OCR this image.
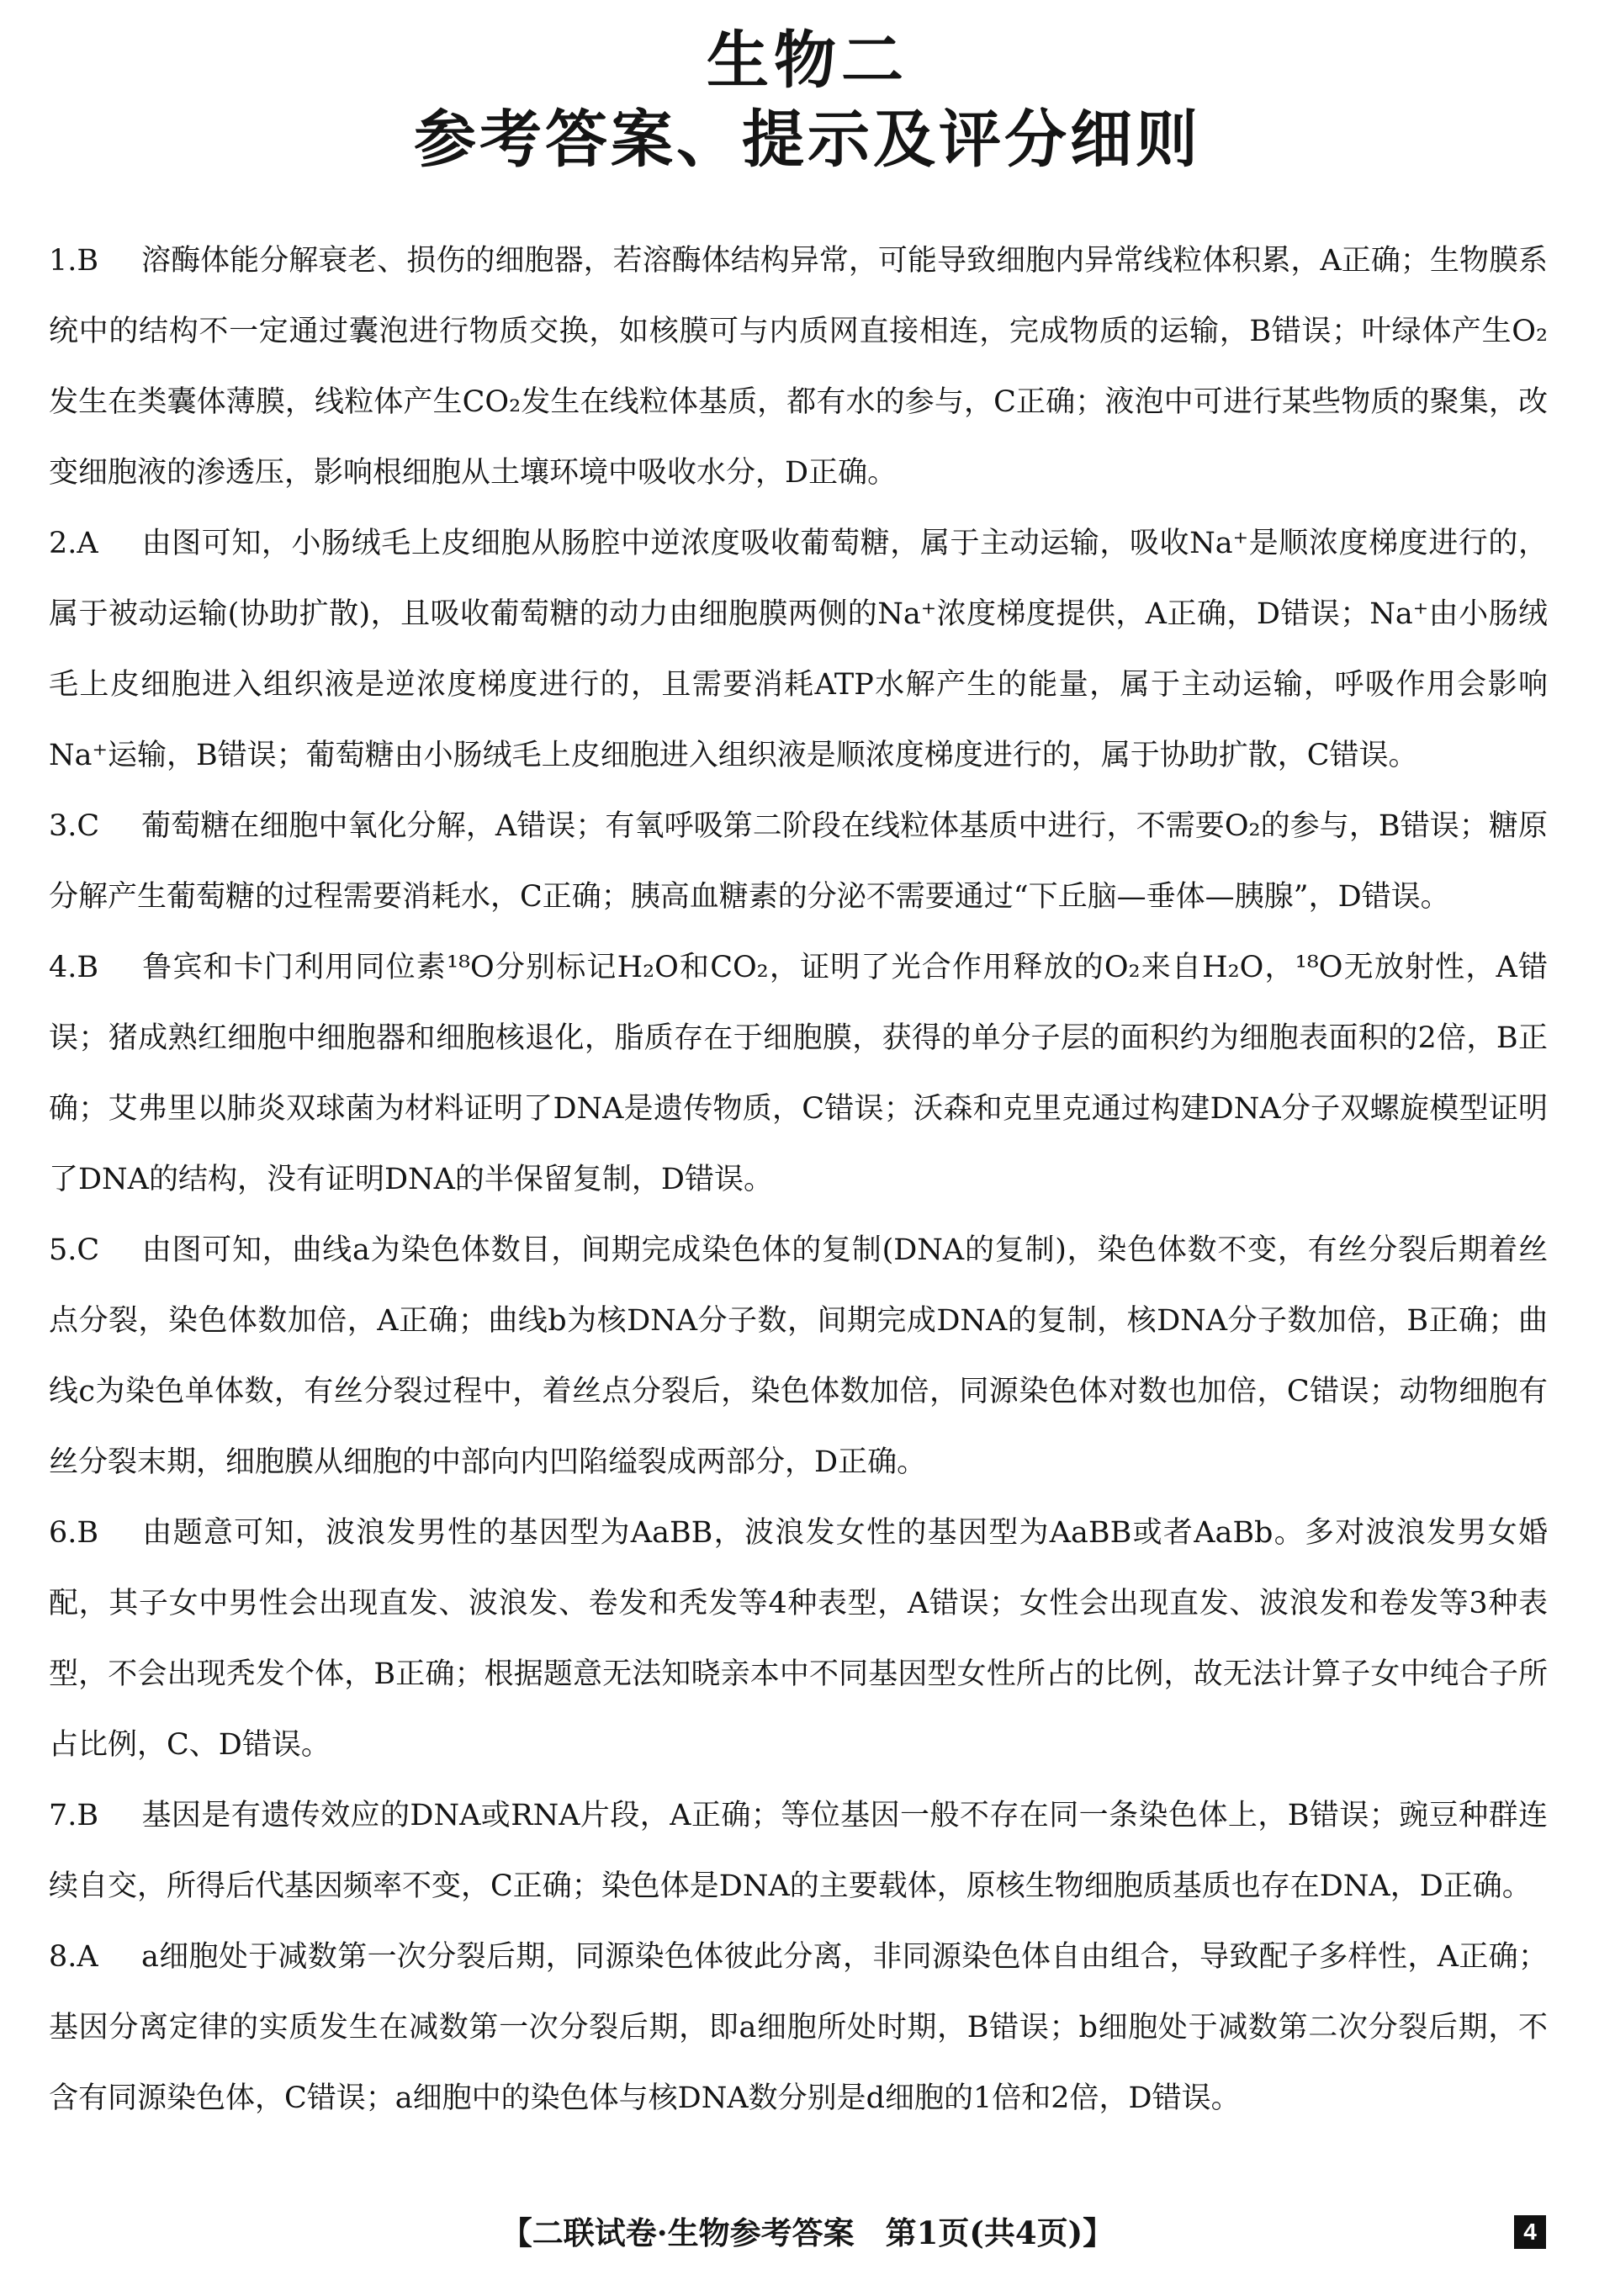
生物二
参考答案、提示及评分细则

1.B 溶酶体能分解衰老、损伤的细胞器，若溶酶体结构异常，可能导致细胞内异常线粒体积累，A正确；生物膜系统中的结构不一定通过囊泡进行物质交换，如核膜可与内质网直接相连，完成物质的运输，B错误；叶绿体产生O₂发生在类囊体薄膜，线粒体产生CO₂发生在线粒体基质，都有水的参与，C正确；液泡中可进行某些物质的聚集，改变细胞液的渗透压，影响根细胞从土壤环境中吸收水分，D正确。

2.A 由图可知，小肠绒毛上皮细胞从肠腔中逆浓度吸收葡萄糖，属于主动运输，吸收Na⁺是顺浓度梯度进行的，属于被动运输(协助扩散)，且吸收葡萄糖的动力由细胞膜两侧的Na⁺浓度梯度提供，A正确，D错误；Na⁺由小肠绒毛上皮细胞进入组织液是逆浓度梯度进行的，且需要消耗ATP水解产生的能量，属于主动运输，呼吸作用会影响Na⁺运输，B错误；葡萄糖由小肠绒毛上皮细胞进入组织液是顺浓度梯度进行的，属于协助扩散，C错误。

3.C 葡萄糖在细胞中氧化分解，A错误；有氧呼吸第二阶段在线粒体基质中进行，不需要O₂的参与，B错误；糖原分解产生葡萄糖的过程需要消耗水，C正确；胰高血糖素的分泌不需要通过“下丘脑—垂体—胰腺”，D错误。

4.B 鲁宾和卡门利用同位素¹⁸O分别标记H₂O和CO₂，证明了光合作用释放的O₂来自H₂O，¹⁸O无放射性，A错误；猪成熟红细胞中细胞器和细胞核退化，脂质存在于细胞膜，获得的单分子层的面积约为细胞表面积的2倍，B正确；艾弗里以肺炎双球菌为材料证明了DNA是遗传物质，C错误；沃森和克里克通过构建DNA分子双螺旋模型证明了DNA的结构，没有证明DNA的半保留复制，D错误。

5.C 由图可知，曲线a为染色体数目，间期完成染色体的复制(DNA的复制)，染色体数不变，有丝分裂后期着丝点分裂，染色体数加倍，A正确；曲线b为核DNA分子数，间期完成DNA的复制，核DNA分子数加倍，B正确；曲线c为染色单体数，有丝分裂过程中，着丝点分裂后，染色体数加倍，同源染色体对数也加倍，C错误；动物细胞有丝分裂末期，细胞膜从细胞的中部向内凹陷缢裂成两部分，D正确。

6.B 由题意可知，波浪发男性的基因型为AaBB，波浪发女性的基因型为AaBB或者AaBb。多对波浪发男女婚配，其子女中男性会出现直发、波浪发、卷发和秃发等4种表型，A错误；女性会出现直发、波浪发和卷发等3种表型，不会出现秃发个体，B正确；根据题意无法知晓亲本中不同基因型女性所占的比例，故无法计算子女中纯合子所占比例，C、D错误。

7.B 基因是有遗传效应的DNA或RNA片段，A正确；等位基因一般不存在同一条染色体上，B错误；豌豆种群连续自交，所得后代基因频率不变，C正确；染色体是DNA的主要载体，原核生物细胞质基质也存在DNA，D正确。

8.A a细胞处于减数第一次分裂后期，同源染色体彼此分离，非同源染色体自由组合，导致配子多样性，A正确；基因分离定律的实质发生在减数第一次分裂后期，即a细胞所处时期，B错误；b细胞处于减数第二次分裂后期，不含有同源染色体，C错误；a细胞中的染色体与核DNA数分别是d细胞的1倍和2倍，D错误。

【二联试卷·生物参考答案　第1页(共4页)】	4
